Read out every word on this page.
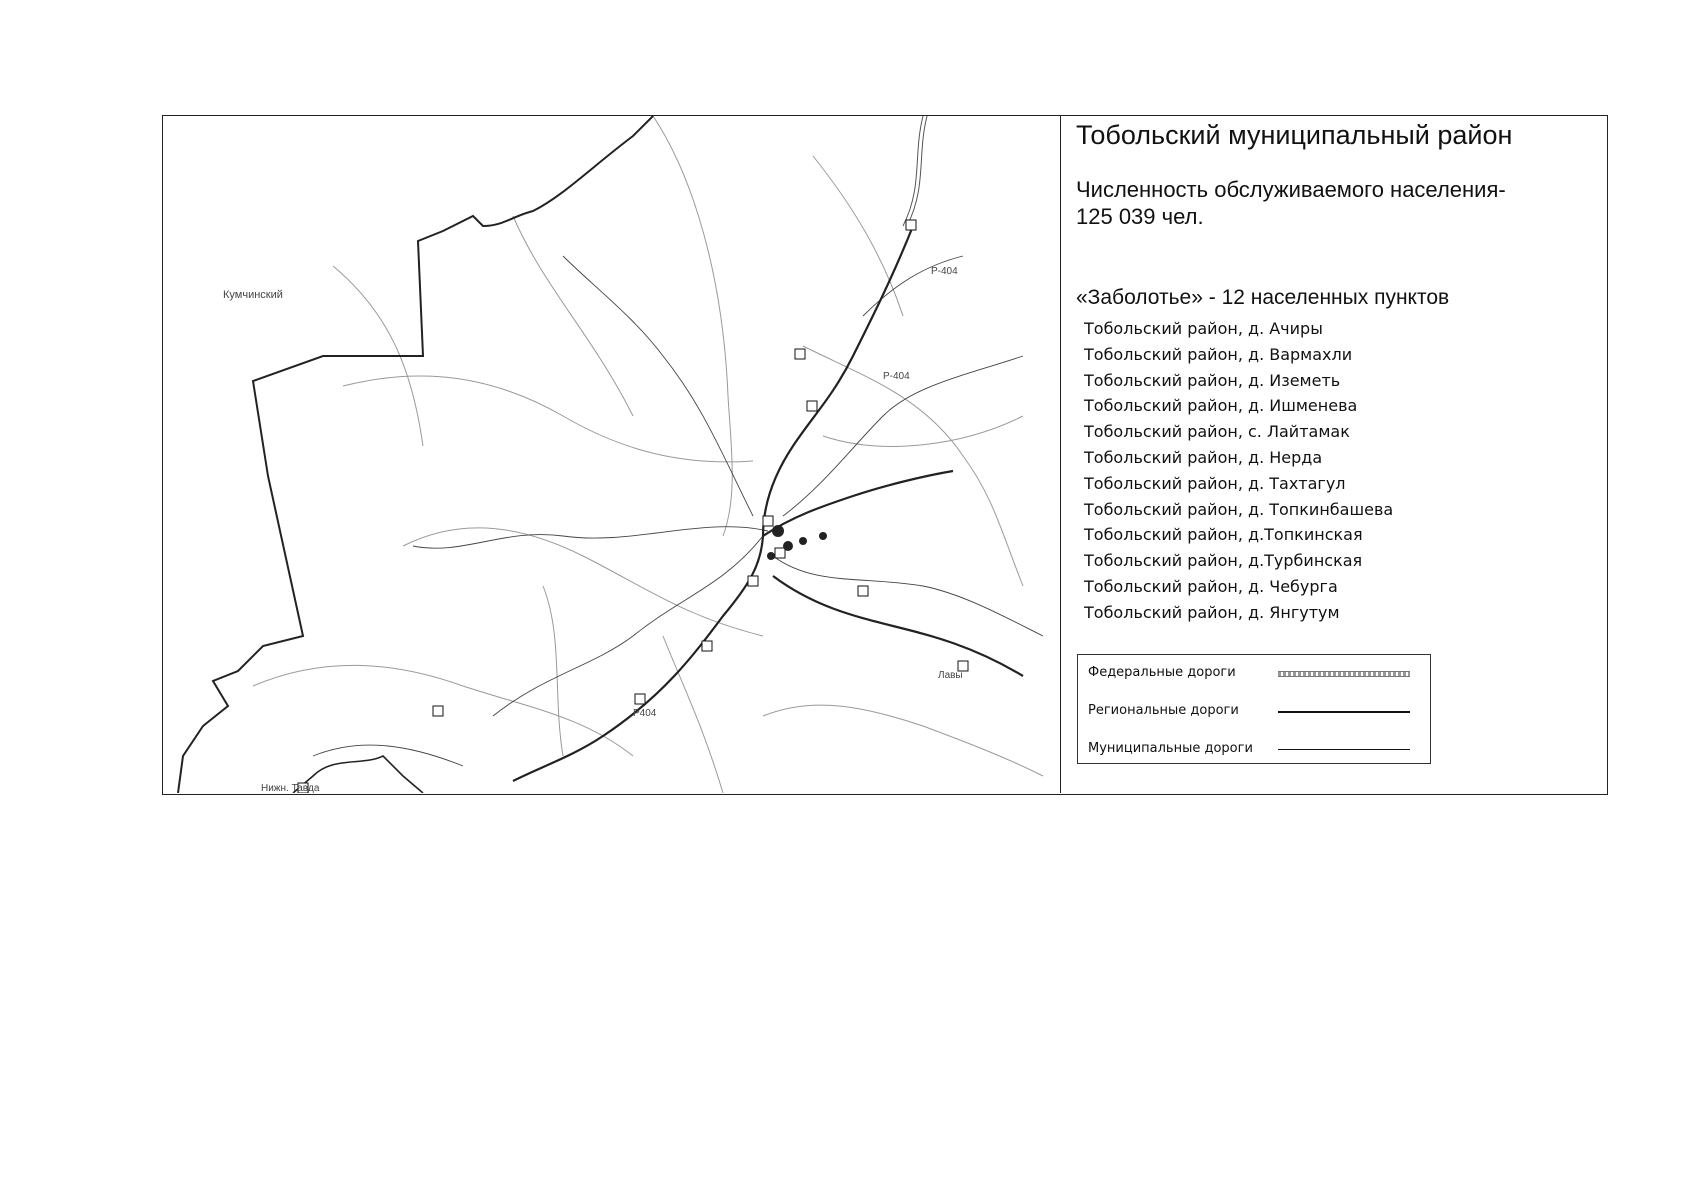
Кумчинский
Р-404
Р-404
Р404
Лавы
Нижн. Тавда
Тобольский муниципальный район
Численность обслуживаемого населения-
125 039 чел.
«Заболотье» - 12 населенных пунктов
Тобольский район, д. Ачиры
Тобольский район, д. Вармахли
Тобольский район, д. Иземеть
Тобольский район, д. Ишменева
Тобольский район, с. Лайтамак
Тобольский район, д. Нерда
Тобольский район, д. Тахтагул
Тобольский район, д. Топкинбашева
Тобольский район, д.Топкинская
Тобольский район, д.Турбинская
Тобольский район, д. Чебурга
Тобольский район, д. Янгутум
Федеральные дороги
Региональные дороги
Муниципальные дороги
